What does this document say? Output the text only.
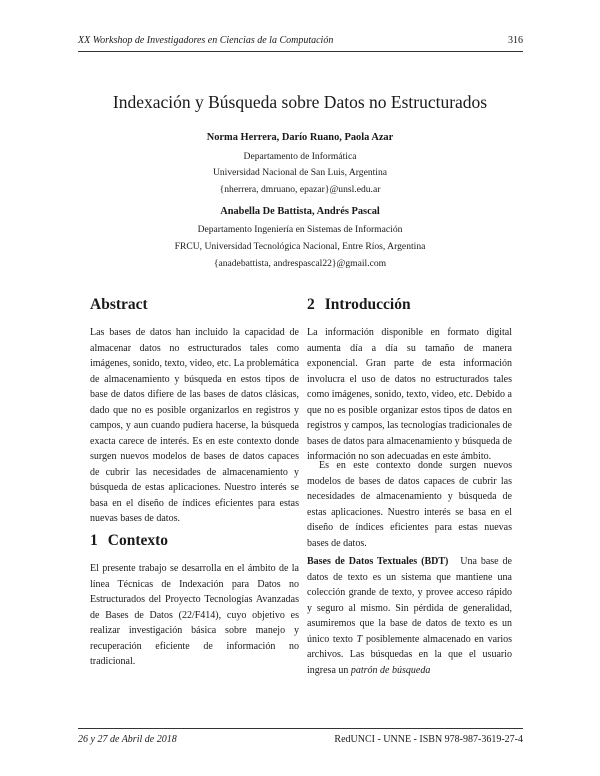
XX Workshop de Investigadores en Ciencias de la Computación	316
Indexación y Búsqueda sobre Datos no Estructurados
Norma Herrera, Darío Ruano, Paola Azar
Departamento de Informática
Universidad Nacional de San Luis, Argentina
{nherrera, dmruano, epazar}@unsl.edu.ar
Anabella De Battista, Andrés Pascal
Departamento Ingeniería en Sistemas de Información
FRCU, Universidad Tecnológica Nacional, Entre Ríos, Argentina
{anadebattista, andrespascal22}@gmail.com
Abstract
Las bases de datos han incluido la capacidad de almacenar datos no estructurados tales como imágenes, sonido, texto, video, etc. La problemática de almacenamiento y búsqueda en estos tipos de base de datos difiere de las bases de datos clásicas, dado que no es posible organizarlos en registros y campos, y aun cuando pudiera hacerse, la búsqueda exacta carece de interés. Es en este contexto donde surgen nuevos modelos de bases de datos capaces de cubrir las necesidades de almacenamiento y búsqueda de estas aplicaciones. Nuestro interés se basa en el diseño de índices eficientes para estas nuevas bases de datos.
1 Contexto
El presente trabajo se desarrolla en el ámbito de la línea Técnicas de Indexación para Datos no Estructurados del Proyecto Tecnologías Avanzadas de Bases de Datos (22/F414), cuyo objetivo es realizar investigación básica sobre manejo y recuperación eficiente de información no tradicional.
2 Introducción
La información disponible en formato digital aumenta día a día su tamaño de manera exponencial. Gran parte de esta información involucra el uso de datos no estructurados tales como imágenes, sonido, texto, video, etc. Debido a que no es posible organizar estos tipos de datos en registros y campos, las tecnologías tradicionales de bases de datos para almacenamiento y búsqueda de información no son adecuadas en este ámbito.
Es en este contexto donde surgen nuevos modelos de bases de datos capaces de cubrir las necesidades de almacenamiento y búsqueda de estas aplicaciones. Nuestro interés se basa en el diseño de índices eficientes para estas nuevas bases de datos.
Bases de Datos Textuales (BDT) Una base de datos de texto es un sistema que mantiene una colección grande de texto, y provee acceso rápido y seguro al mismo. Sin pérdida de generalidad, asumiremos que la base de datos de texto es un único texto T posiblemente almacenado en varios archivos. Las búsquedas en la que el usuario ingresa un patrón de búsqueda
26 y 27 de Abril de 2018	RedUNCI - UNNE - ISBN 978-987-3619-27-4
